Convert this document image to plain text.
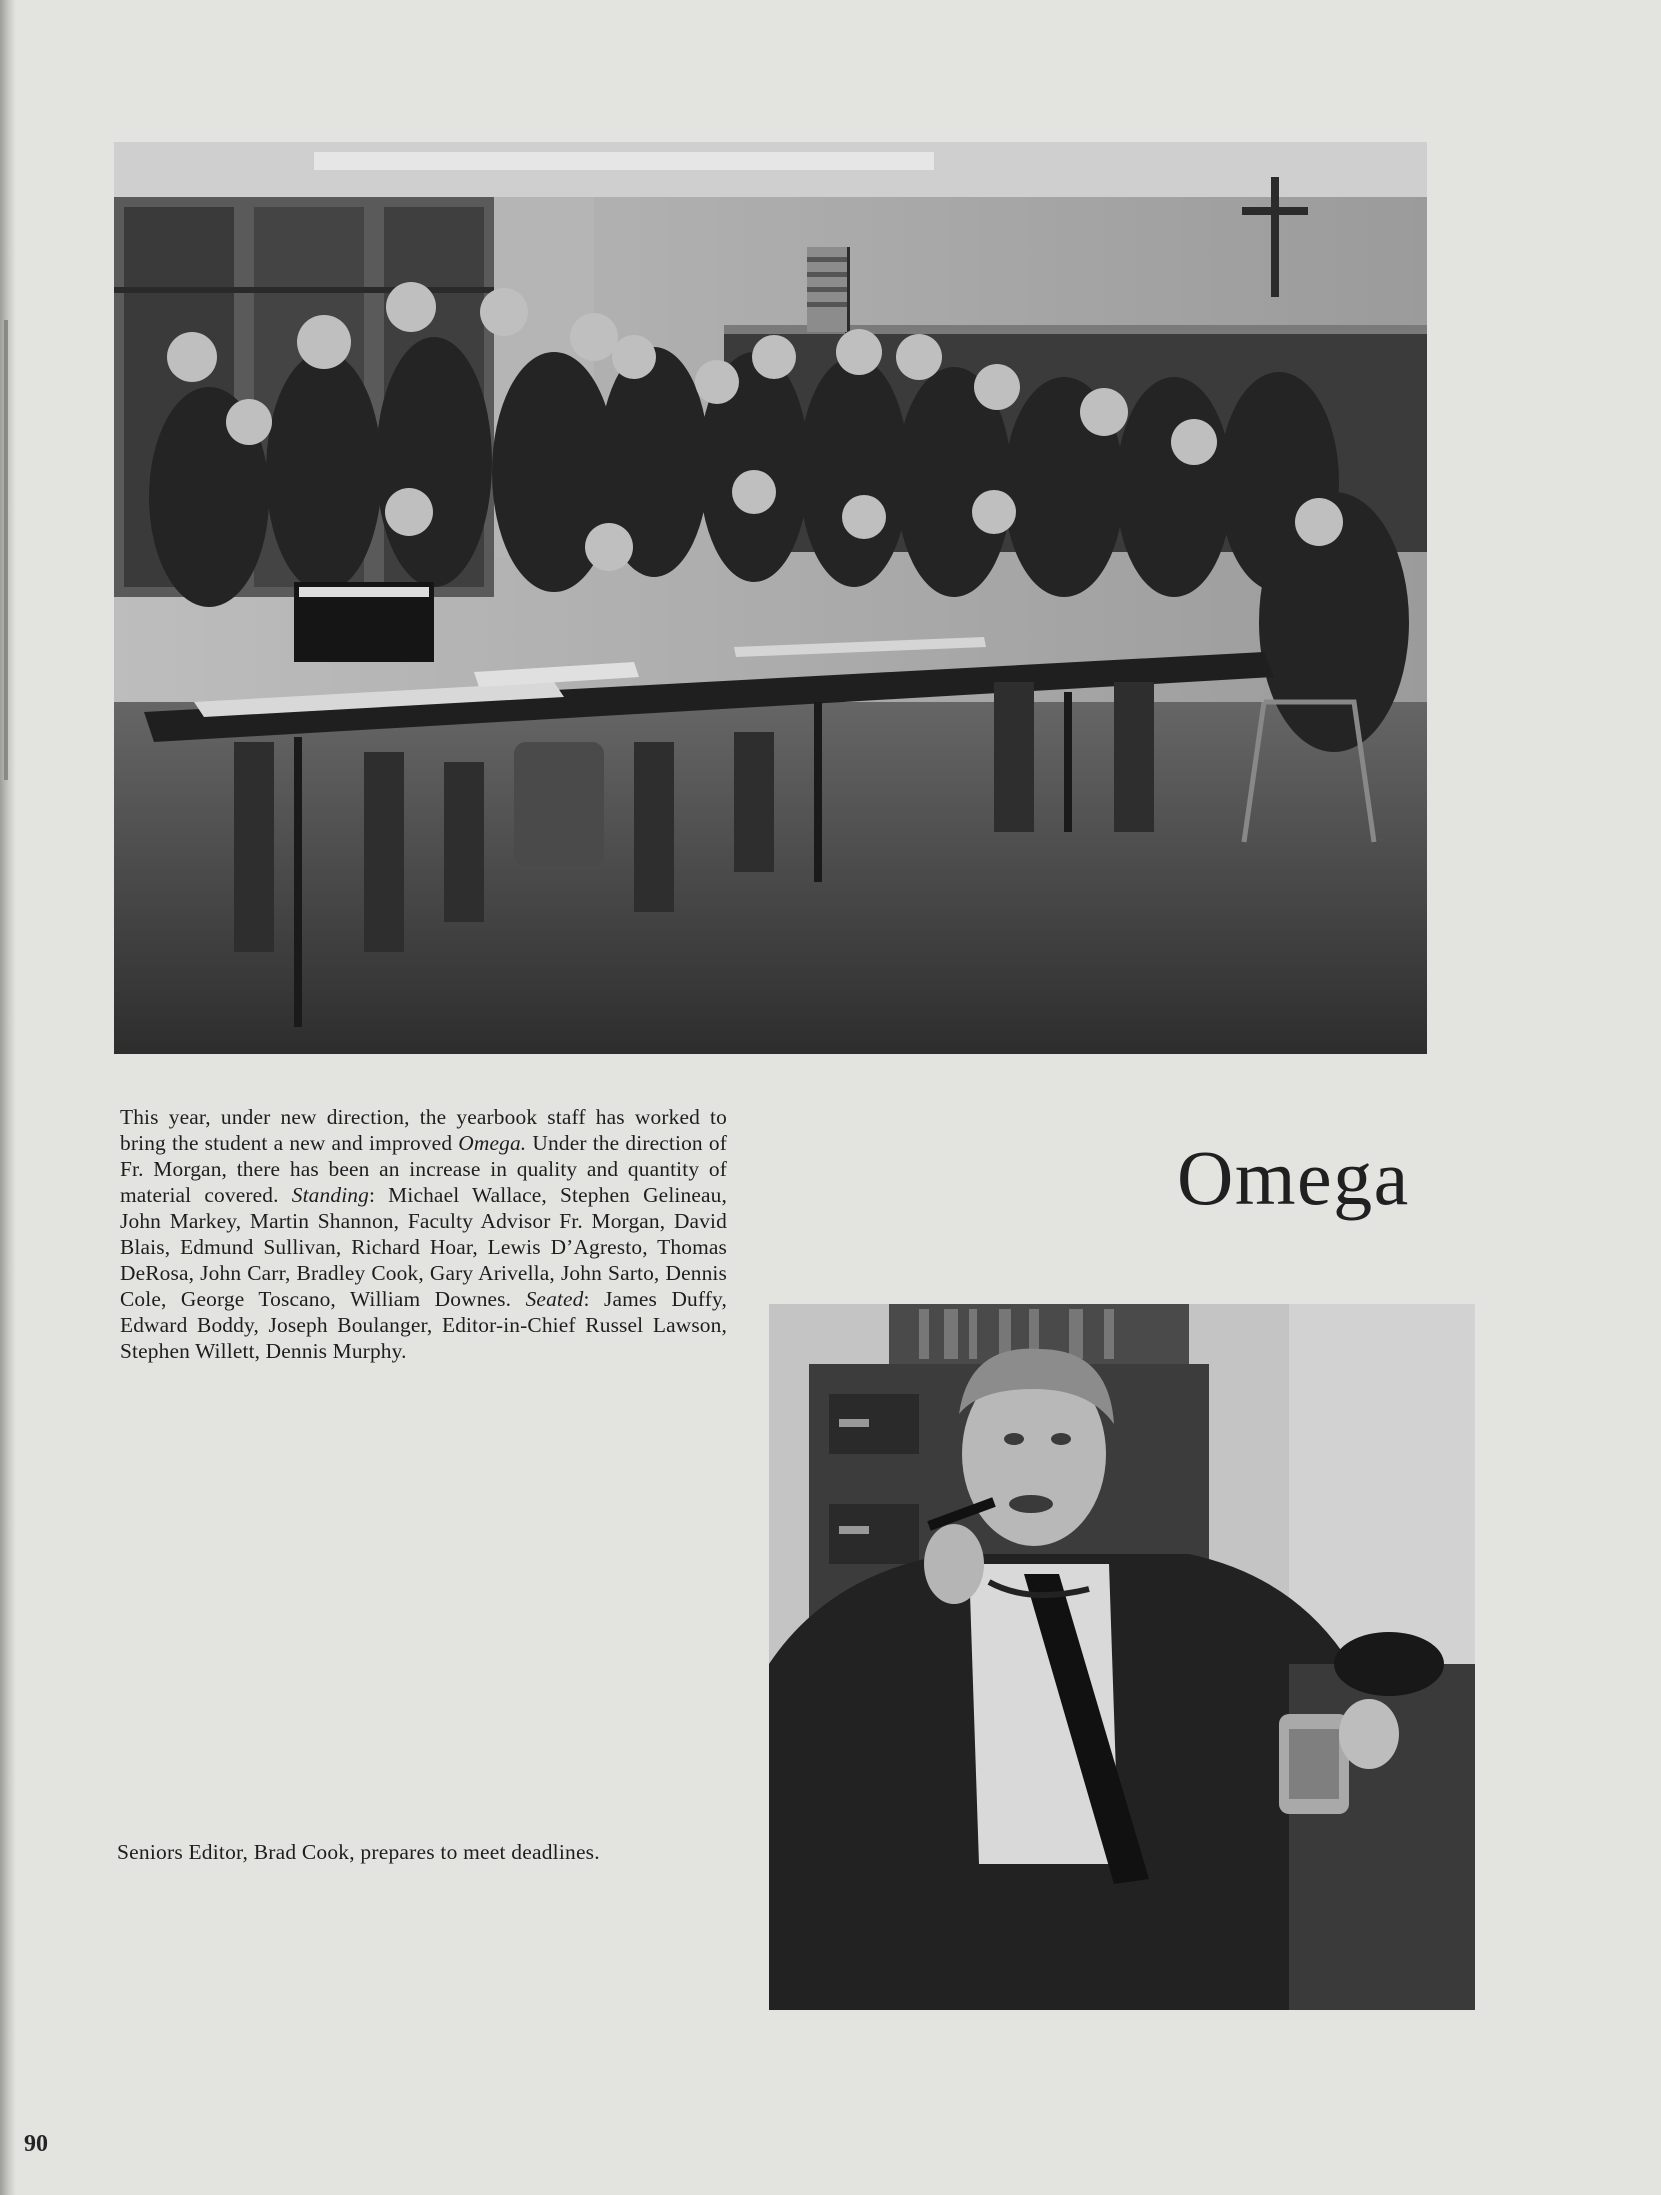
This year, under new direction, the yearbook staff has worked to bring the student a new and improved Omega. Under the direction of Fr. Morgan, there has been an increase in quality and quantity of material covered. Standing: Michael Wallace, Stephen Gelineau, John Markey, Martin Shannon, Faculty Advisor Fr. Morgan, David Blais, Edmund Sullivan, Richard Hoar, Lewis D’Agresto, Thomas DeRosa, John Carr, Bradley Cook, Gary Arivella, John Sarto, Dennis Cole, George Toscano, William Downes. Seated: James Duffy, Edward Boddy, Joseph Boulanger, Editor-in-Chief Russel Lawson, Stephen Willett, Dennis Murphy.

Omega
Seniors Editor, Brad Cook, prepares to meet deadlines.
90
